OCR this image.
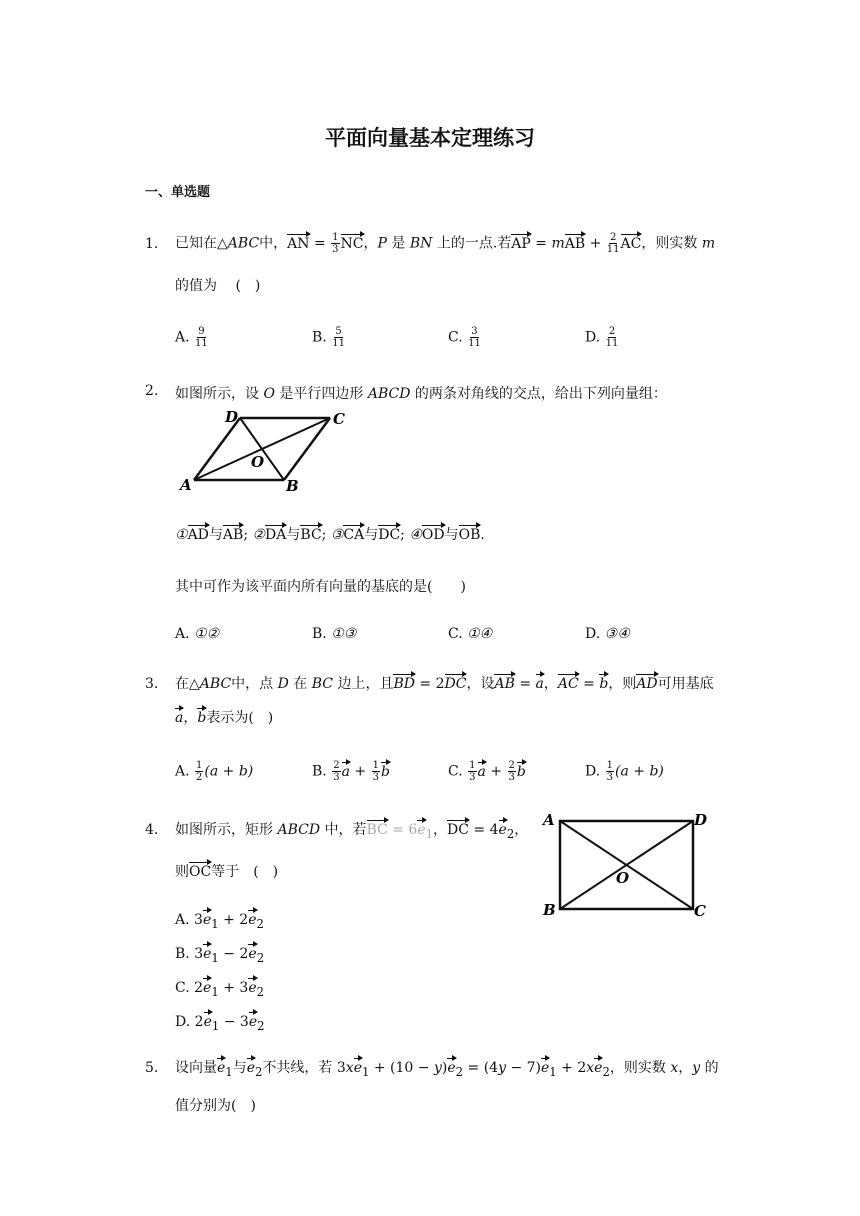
平面向量基本定理练习
一、单选题
1. 已知在△ABC中，AN = $\frac{1}{3}$ NC，P 是 BN 上的一点.若AP = mAB + $\frac{2}{11}$ AC，则实数 m
的值为　 (　)
A. $\frac{9}{11}$	B. $\frac{5}{11}$	C. $\frac{3}{11}$	D. $\frac{2}{11}$
2. 如图所示，设 O 是平行四边形 ABCD 的两条对角线的交点，给出下列向量组：
A	B
C
D
O
①AD与AB; ②DA与BC; ③CA与DC; ④OD与OB.
其中可作为该平面内所有向量的基底的是(　　)
A. ①②	B. ①③	C. ①④	D. ③④
3. 在△ABC中，点 D 在 BC 边上，且BD = 2DC，设AB = a，AC = b，则AD可用基底
a，b表示为(　)
A. $\frac{1}{2} (a + b)$	B. $\frac{2}{3}$ $a + \frac{1}{3}$ b	C. $\frac{1}{3}$ $a + \frac{2}{3}$ b	D. $\frac{1}{3} (a + b)$
4. 如图所示，矩形 ABCD 中，若BC = $6e_1$，DC = $4e_2$，
则OC等于　(　)
A
B	C
D
O
A. $3e_1 + 2e_2$
B. $3e_1 - 2e_2$
C. $2e_1 + 3e_2$
D. $2e_1 - 3e_2$
5. 设向量$e_1$与$e_2$不共线，若 $3xe_1 + (10 - y)e_2 = (4y - 7)e_1 + 2xe_2$，则实数 x，y 的
值分别为(　)
